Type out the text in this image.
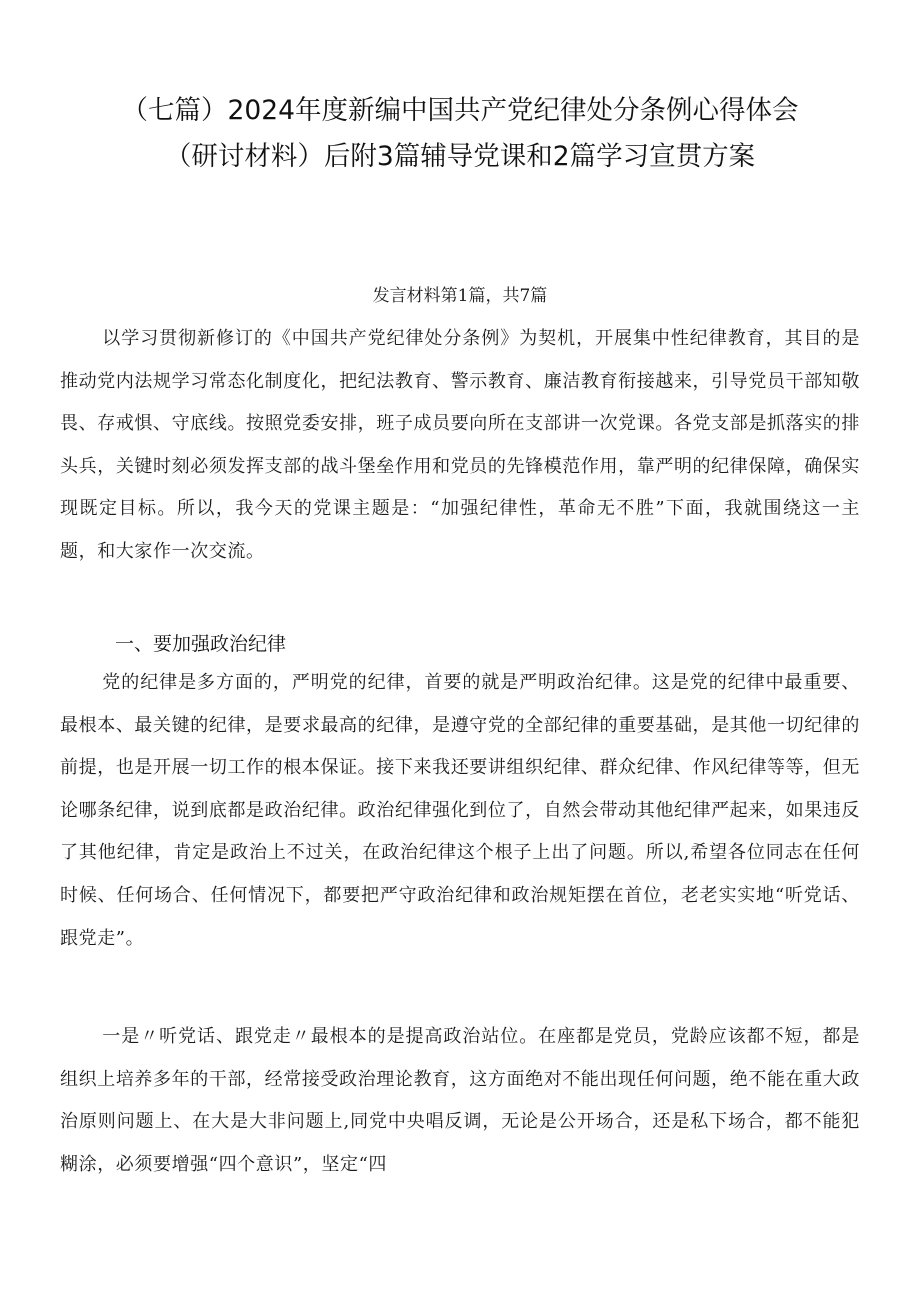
（七篇）2024年度新编中国共产党纪律处分条例心得体会（研讨材料）后附3篇辅导党课和2篇学习宣贯方案
发言材料第1篇，共7篇

以学习贯彻新修订的《中国共产党纪律处分条例》为契机，开展集中性纪律教育，其目的是推动党内法规学习常态化制度化，把纪法教育、警示教育、廉洁教育衔接越来，引导党员干部知敬畏、存戒惧、守底线。按照党委安排，班子成员要向所在支部讲一次党课。各党支部是抓落实的排头兵，关键时刻必须发挥支部的战斗堡垒作用和党员的先锋模范作用，靠严明的纪律保障，确保实现既定目标。所以，我今天的党课主题是：“加强纪律性，革命无不胜”下面，我就围绕这一主题，和大家作一次交流。

一、要加强政治纪律

党的纪律是多方面的，严明党的纪律，首要的就是严明政治纪律。这是党的纪律中最重要、最根本、最关键的纪律，是要求最高的纪律，是遵守党的全部纪律的重要基础，是其他一切纪律的前提，也是开展一切工作的根本保证。接下来我还要讲组织纪律、群众纪律、作风纪律等等，但无论哪条纪律，说到底都是政治纪律。政治纪律强化到位了，自然会带动其他纪律严起来，如果违反了其他纪律，肯定是政治上不过关，在政治纪律这个根子上出了问题。所以,希望各位同志在任何时候、任何场合、任何情况下，都要把严守政治纪律和政治规矩摆在首位，老老实实地“听党话、跟党走”。

一是〃听党话、跟党走〃最根本的是提高政治站位。在座都是党员，党龄应该都不短，都是组织上培养多年的干部，经常接受政治理论教育，这方面绝对不能出现任何问题，绝不能在重大政治原则问题上、在大是大非问题上,同党中央唱反调，无论是公开场合，还是私下场合，都不能犯糊涂，必须要增强“四个意识”，坚定“四
